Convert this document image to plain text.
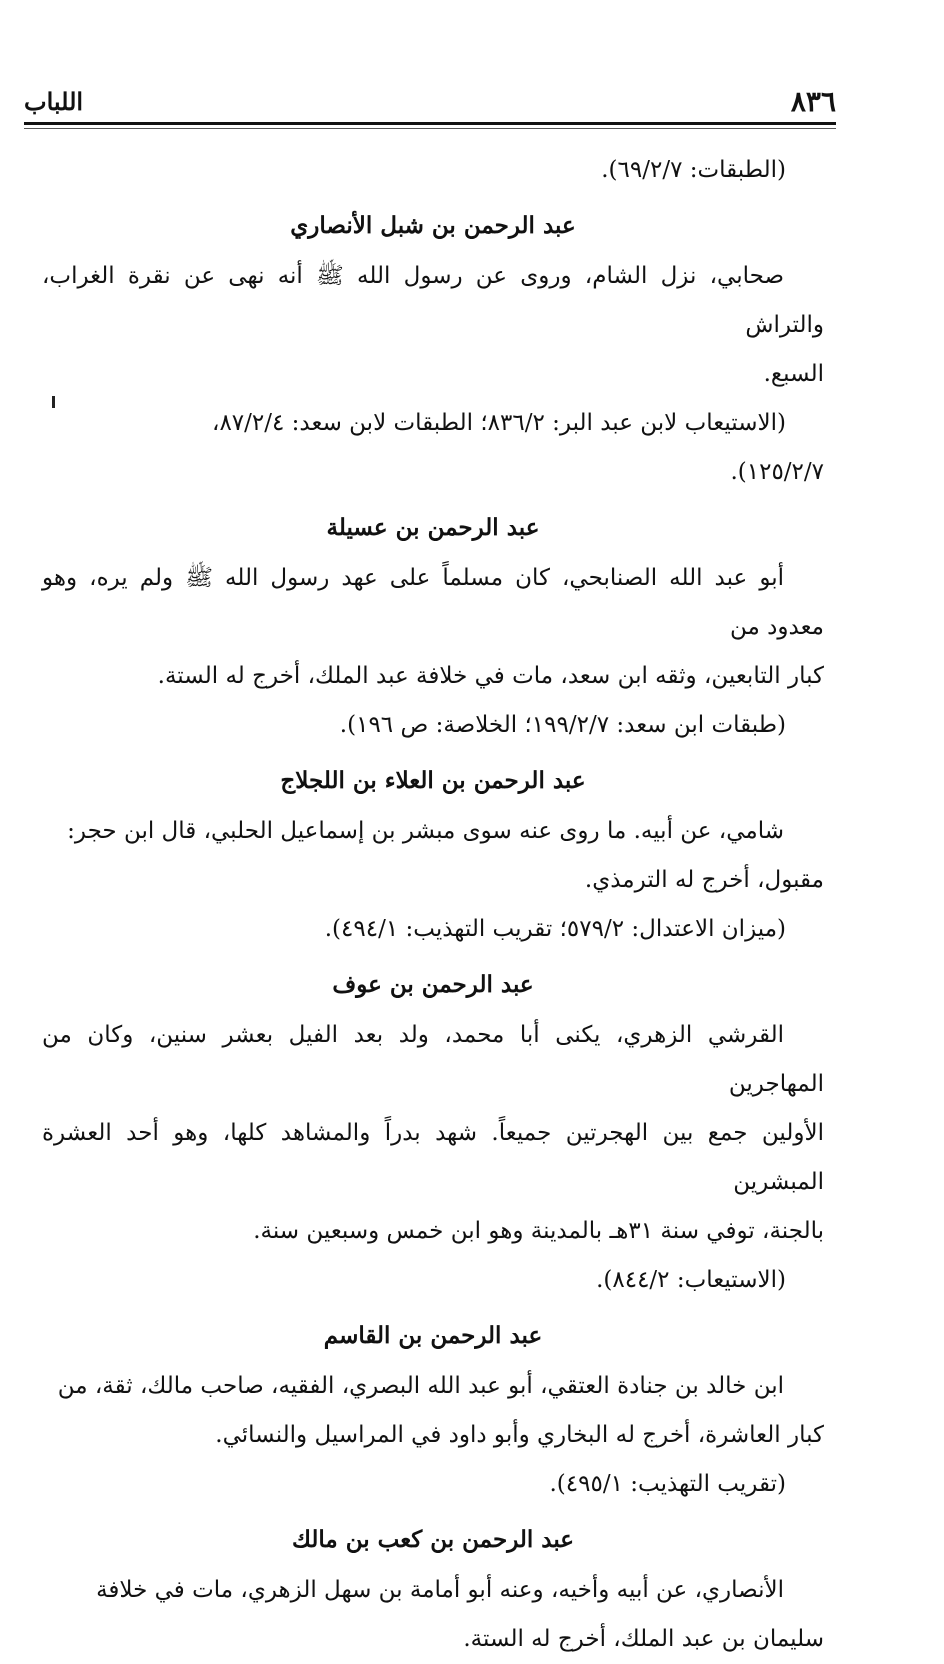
٨٣٦
اللباب

(الطبقات: ٦٩/٢/٧).

عبد الرحمن بن شبل الأنصاري

صحابي، نزل الشام، وروى عن رسول الله ﷺ أنه نهى عن نقرة الغراب، والتراش

السبع.

(الاستيعاب لابن عبد البر: ٨٣٦/٢؛ الطبقات لابن سعد: ٨٧/٢/٤،

١٢٥/٢/٧).

عبد الرحمن بن عسيلة

أبو عبد الله الصنابحي، كان مسلماً على عهد رسول الله ﷺ ولم يره، وهو معدود من

كبار التابعين، وثقه ابن سعد، مات في خلافة عبد الملك، أخرج له الستة.

(طبقات ابن سعد: ١٩٩/٢/٧؛ الخلاصة: ص ١٩٦).

عبد الرحمن بن العلاء بن اللجلاج

شامي، عن أبيه. ما روى عنه سوى مبشر بن إسماعيل الحلبي، قال ابن حجر:

مقبول، أخرج له الترمذي.

(ميزان الاعتدال: ٥٧٩/٢؛ تقريب التهذيب: ٤٩٤/١).

عبد الرحمن بن عوف

القرشي الزهري، يكنى أبا محمد، ولد بعد الفيل بعشر سنين، وكان من المهاجرين

الأولين جمع بين الهجرتين جميعاً. شهد بدراً والمشاهد كلها، وهو أحد العشرة المبشرين

بالجنة، توفي سنة ٣١هـ بالمدينة وهو ابن خمس وسبعين سنة.

(الاستيعاب: ٨٤٤/٢).

عبد الرحمن بن القاسم

ابن خالد بن جنادة العتقي، أبو عبد الله البصري، الفقيه، صاحب مالك، ثقة، من

كبار العاشرة، أخرج له البخاري وأبو داود في المراسيل والنسائي.

(تقريب التهذيب: ٤٩٥/١).

عبد الرحمن بن كعب بن مالك

الأنصاري، عن أبيه وأخيه، وعنه أبو أمامة بن سهل الزهري، مات في خلافة

سليمان بن عبد الملك، أخرج له الستة.
